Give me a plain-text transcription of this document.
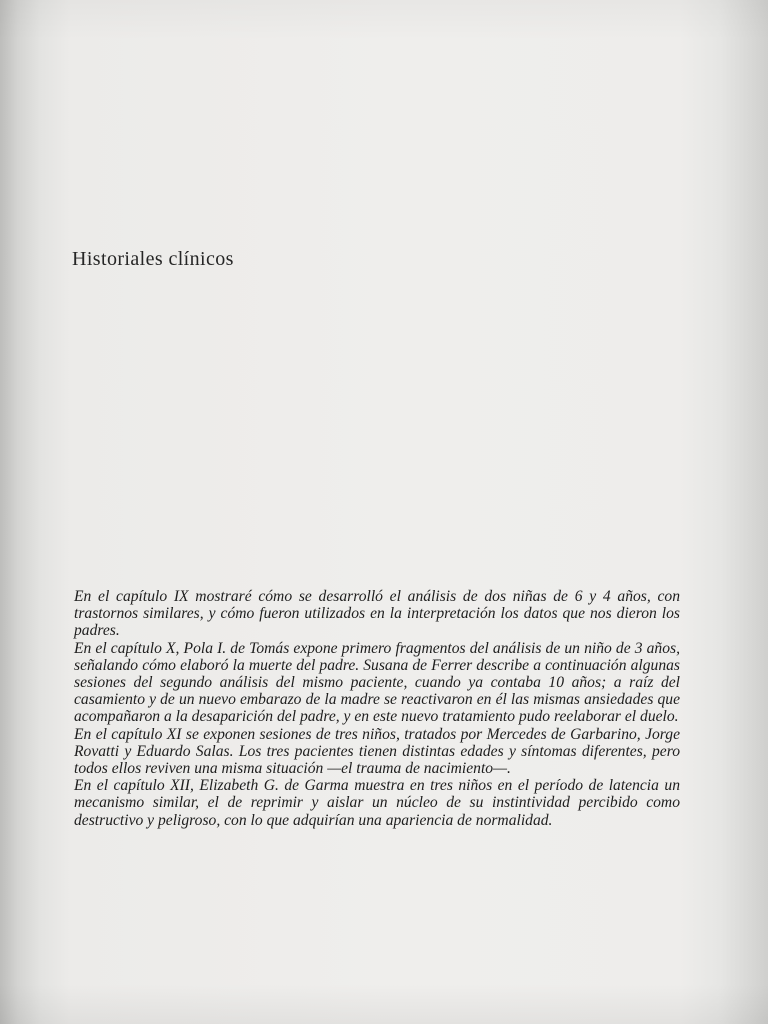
Historiales clínicos

En el capítulo IX mostraré cómo se desarrolló el análisis de dos niñas de 6 y 4 años, con trastornos similares, y cómo fueron utilizados en la interpretación los datos que nos dieron los padres.

En el capítulo X, Pola I. de Tomás expone primero fragmentos del análisis de un niño de 3 años, señalando cómo elaboró la muerte del padre. Susana de Ferrer describe a continuación algunas sesiones del segundo análisis del mismo paciente, cuando ya contaba 10 años; a raíz del casamiento y de un nuevo embarazo de la madre se reactivaron en él las mismas ansiedades que acompañaron a la desaparición del padre, y en este nuevo tratamiento pudo reelaborar el duelo.

En el capítulo XI se exponen sesiones de tres niños, tratados por Mercedes de Garbarino, Jorge Rovatti y Eduardo Salas. Los tres pacientes tienen distintas edades y síntomas diferentes, pero todos ellos reviven una misma situación —el trauma de nacimiento—.

En el capítulo XII, Elizabeth G. de Garma muestra en tres niños en el período de latencia un mecanismo similar, el de reprimir y aislar un núcleo de su instintividad percibido como destructivo y peligroso, con lo que adquirían una apariencia de normalidad.
